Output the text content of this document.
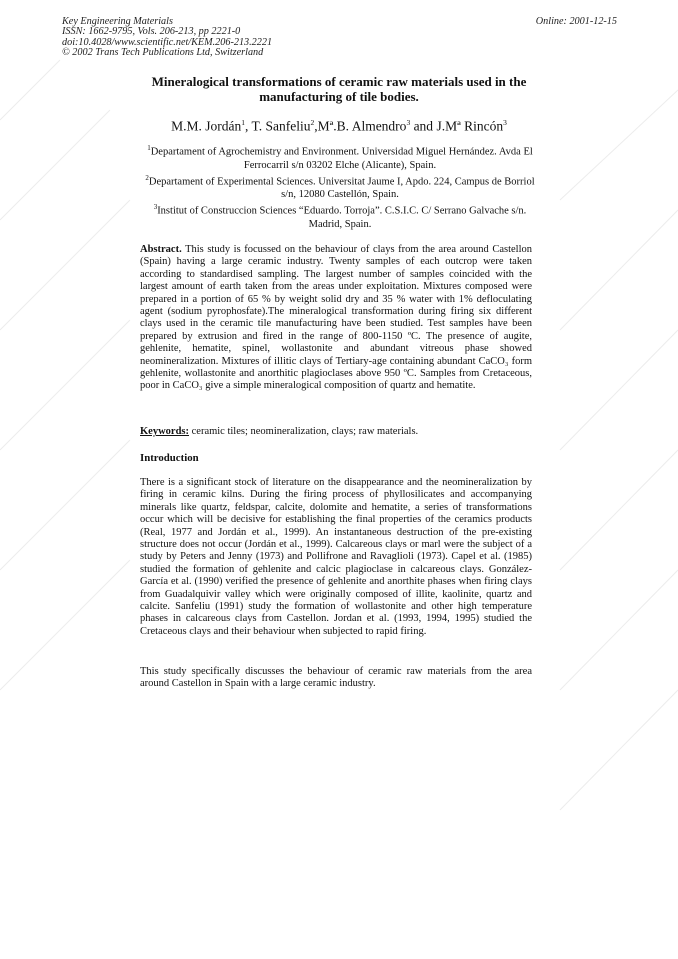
Key Engineering Materials
ISSN: 1662-9795, Vols. 206-213, pp 2221-0
doi:10.4028/www.scientific.net/KEM.206-213.2221
© 2002 Trans Tech Publications Ltd, Switzerland
Online: 2001-12-15
Mineralogical transformations of ceramic raw materials used in the manufacturing of tile bodies.
M.M. Jordán$^1$, T. Sanfeliu$^2$,Mª.B. Almendro$^3$ and J.Mª Rincón$^3$
$^1$Departament of Agrochemistry and Environment. Universidad Miguel Hernández. Avda El Ferrocarril s/n 03202 Elche (Alicante), Spain.
$^2$Departament of Experimental Sciences. Universitat Jaume I, Apdo. 224, Campus de Borriol s/n, 12080 Castellón, Spain.
$^3$Institut of Construccion Sciences “Eduardo. Torroja”. C.S.I.C. C/ Serrano Galvache s/n. Madrid, Spain.
Abstract. This study is focussed on the behaviour of clays from the area around Castellon (Spain) having a large ceramic industry. Twenty samples of each outcrop were taken according to standardised sampling. The largest number of samples coincided with the largest amount of earth taken from the areas under exploitation. Mixtures composed were prepared in a portion of 65 % by weight solid dry and 35 % water with 1% defloculating agent (sodium pyrophosfate).The mineralogical transformation during firing six different clays used in the ceramic tile manufacturing have been studied. Test samples have been prepared by extrusion and fired in the range of 800-1150 ºC. The presence of augite, gehlenite, hematite, spinel, wollastonite and abundant vitreous phase showed neomineralization. Mixtures of illitic clays of Tertiary-age containing abundant CaCO₃ form gehlenite, wollastonite and anorthitic plagioclases above 950 ºC. Samples from Cretaceous, poor in CaCO₃ give a simple mineralogical composition of quartz and hematite.
Keywords: ceramic tiles; neomineralization, clays; raw materials.
Introduction
There is a significant stock of literature on the disappearance and the neomineralization by firing in ceramic kilns. During the firing process of phyllosilicates and accompanying minerals like quartz, feldspar, calcite, dolomite and hematite, a series of transformations occur which will be decisive for establishing the final properties of the ceramics products (Real, 1977 and Jordán et al., 1999). An instantaneous destruction of the pre-existing structure does not occur (Jordán et al., 1999). Calcareous clays or marl were the subject of a study by Peters and Jenny (1973) and Pollifrone and Ravaglioli (1973). Capel et al. (1985) studied the formation of gehlenite and calcic plagioclase in calcareous clays. González-García et al. (1990) verified the presence of gehlenite and anorthite phases when firing clays from Guadalquivir valley which were originally composed of illite, kaolinite, quartz and calcite. Sanfeliu (1991) study the formation of wollastonite and other high temperature phases in calcareous clays from Castellon. Jordan et al. (1993, 1994, 1995) studied the Cretaceous clays and their behaviour when subjected to rapid firing.
This study specifically discusses the behaviour of ceramic raw materials from the area around Castellon in Spain with a large ceramic industry.
